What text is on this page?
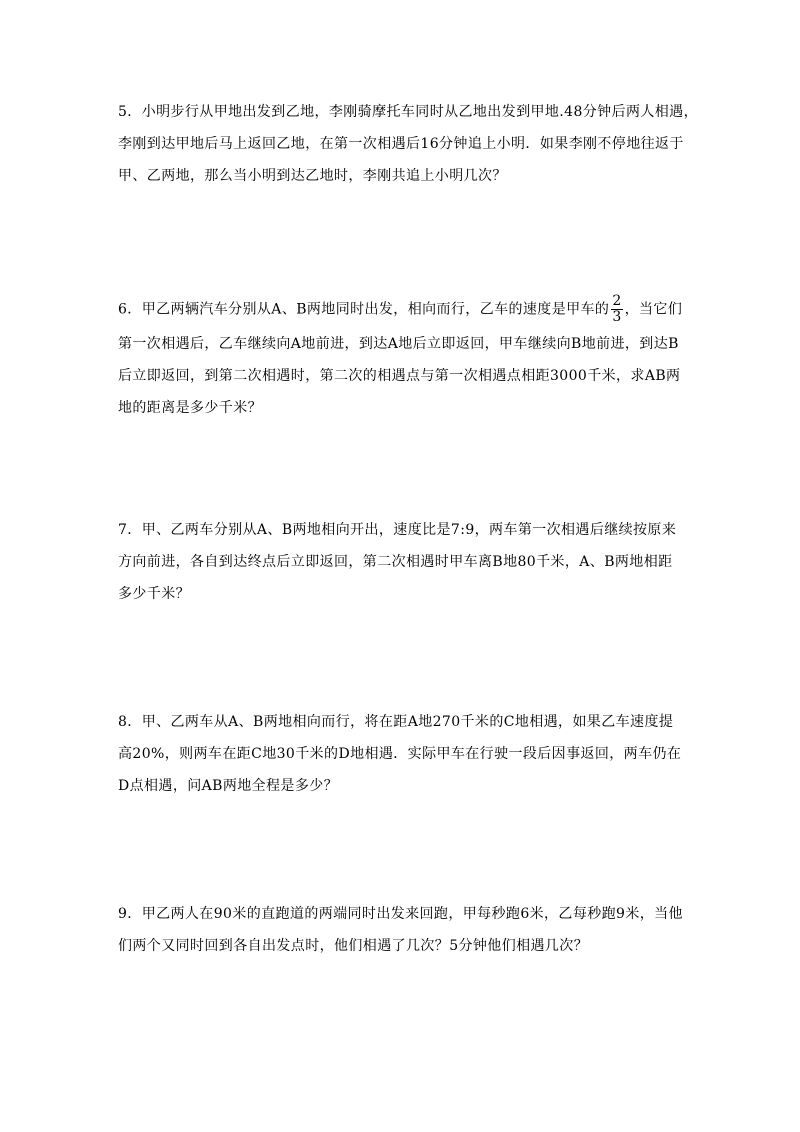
5．小明步行从甲地出发到乙地，李刚骑摩托车同时从乙地出发到甲地.48分钟后两人相遇，
李刚到达甲地后马上返回乙地，在第一次相遇后16分钟追上小明．如果李刚不停地往返于
甲、乙两地，那么当小明到达乙地时，李刚共追上小明几次？
6．甲乙两辆汽车分别从A、B两地同时出发，相向而行，乙车的速度是甲车的 $\frac{2}{3}$ ，当它们
第一次相遇后，乙车继续向A地前进，到达A地后立即返回，甲车继续向B地前进，到达B
后立即返回，到第二次相遇时，第二次的相遇点与第一次相遇点相距3000千米，求AB两
地的距离是多少千米？
7．甲、乙两车分别从A、B两地相向开出，速度比是7:9，两车第一次相遇后继续按原来
方向前进，各自到达终点后立即返回，第二次相遇时甲车离B地80千米，A、B两地相距
多少千米？
8．甲、乙两车从A、B两地相向而行，将在距A地270千米的C地相遇，如果乙车速度提
高20%，则两车在距C地30千米的D地相遇．实际甲车在行驶一段后因事返回，两车仍在
D点相遇，问AB两地全程是多少？
9．甲乙两人在90米的直跑道的两端同时出发来回跑，甲每秒跑6米，乙每秒跑9米，当他
们两个又同时回到各自出发点时，他们相遇了几次？5分钟他们相遇几次？
